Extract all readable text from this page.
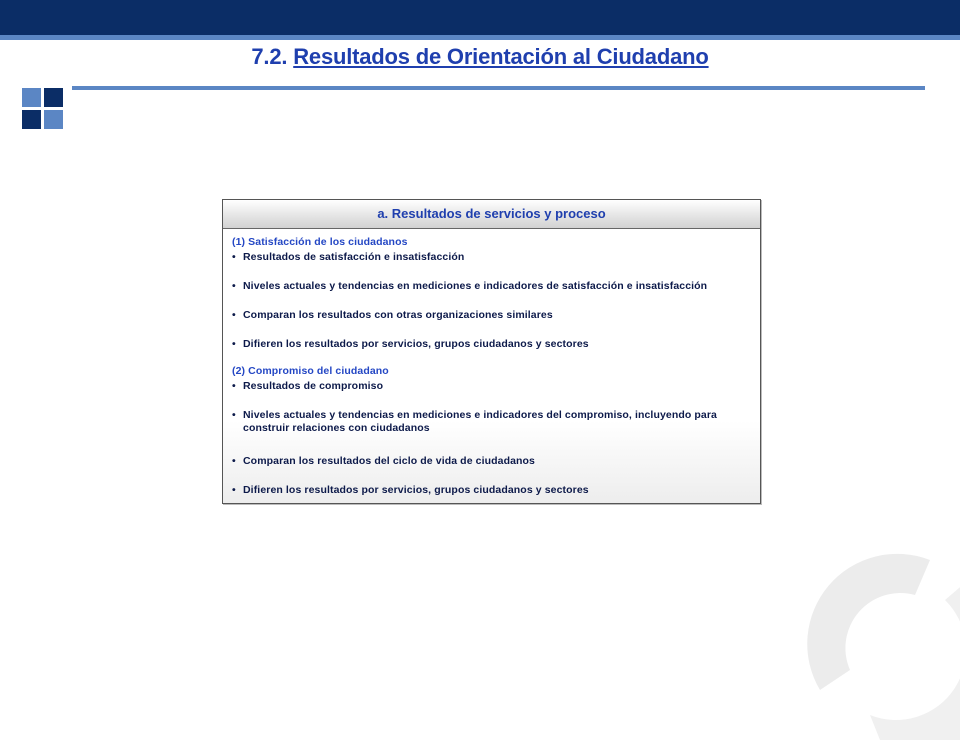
7.2. Resultados de Orientación al Ciudadano
a. Resultados de servicios y proceso
(1) Satisfacción de los ciudadanos
• Resultados de satisfacción e insatisfacción
• Niveles actuales y tendencias en mediciones e indicadores de satisfacción e insatisfacción
• Comparan los resultados con otras organizaciones similares
• Difieren los resultados por servicios, grupos ciudadanos y sectores
(2) Compromiso del ciudadano
• Resultados de compromiso
• Niveles actuales y tendencias en mediciones e indicadores del compromiso, incluyendo para construir relaciones con ciudadanos
• Comparan los resultados del ciclo de vida de ciudadanos
• Difieren los resultados por servicios, grupos ciudadanos y sectores
